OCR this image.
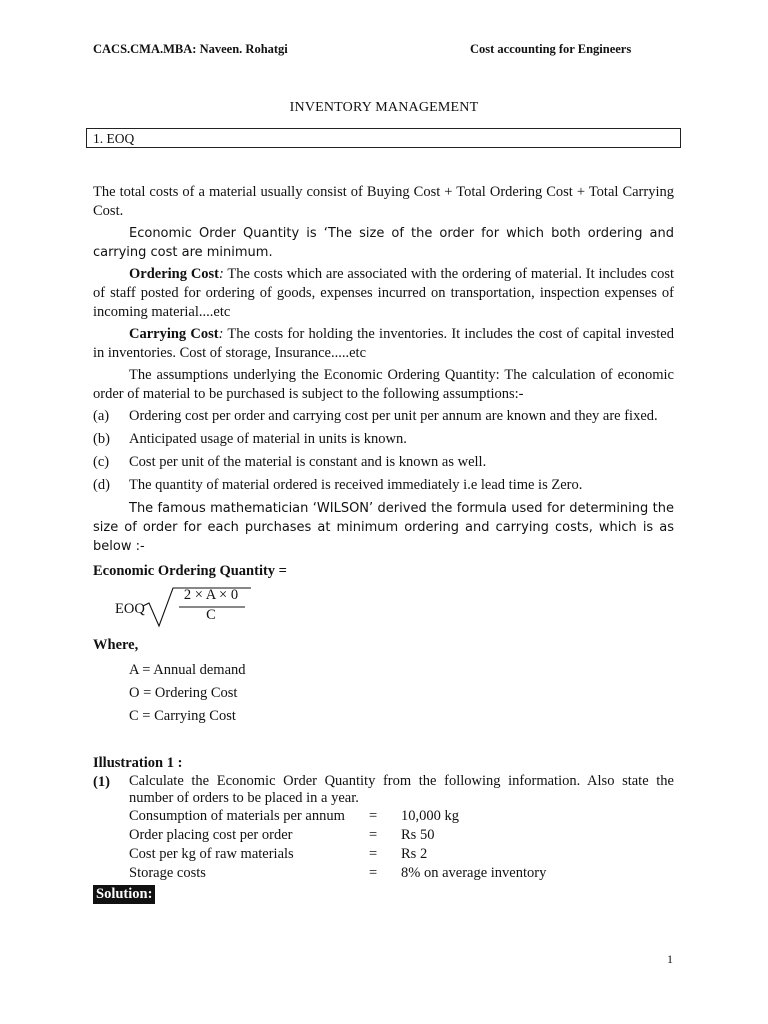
CACS.CMA.MBA: Naveen. Rohatgi	Cost accounting for Engineers
INVENTORY MANAGEMENT
1. EOQ

The total costs of a material usually consist of Buying Cost + Total Ordering Cost + Total Carrying Cost.

Economic Order Quantity is ‘The size of the order for which both ordering and carrying cost are minimum.

Ordering Cost: The costs which are associated with the ordering of material. It includes cost of staff posted for ordering of goods, expenses incurred on transportation, inspection expenses of incoming material....etc

Carrying Cost: The costs for holding the inventories. It includes the cost of capital invested in inventories. Cost of storage, Insurance.....etc

The assumptions underlying the Economic Ordering Quantity: The calculation of economic order of material to be purchased is subject to the following assumptions:-

(a)	Ordering cost per order and carrying cost per unit per annum are known and they are fixed.
(b)	Anticipated usage of material in units is known.
(c)	Cost per unit of the material is constant and is known as well.
(d)	The quantity of material ordered is received immediately i.e lead time is Zero.

The famous mathematician ‘WILSON’ derived the formula used for determining the size of order for each purchases at minimum ordering and carrying costs, which is as below :-

Economic Ordering Quantity =
EOQ
2 × A × 0
C
Where,
A = Annual demand
O = Ordering Cost
C = Carrying Cost
Illustration 1 :
(1)	Calculate the Economic Order Quantity from the following information. Also state the number of orders to be placed in a year.
Consumption of materials per annum	=	10,000 kg
Order placing cost per order	=	Rs 50
Cost per kg of raw materials	=	Rs 2
Storage costs	=	8% on average inventory
Solution:
1
